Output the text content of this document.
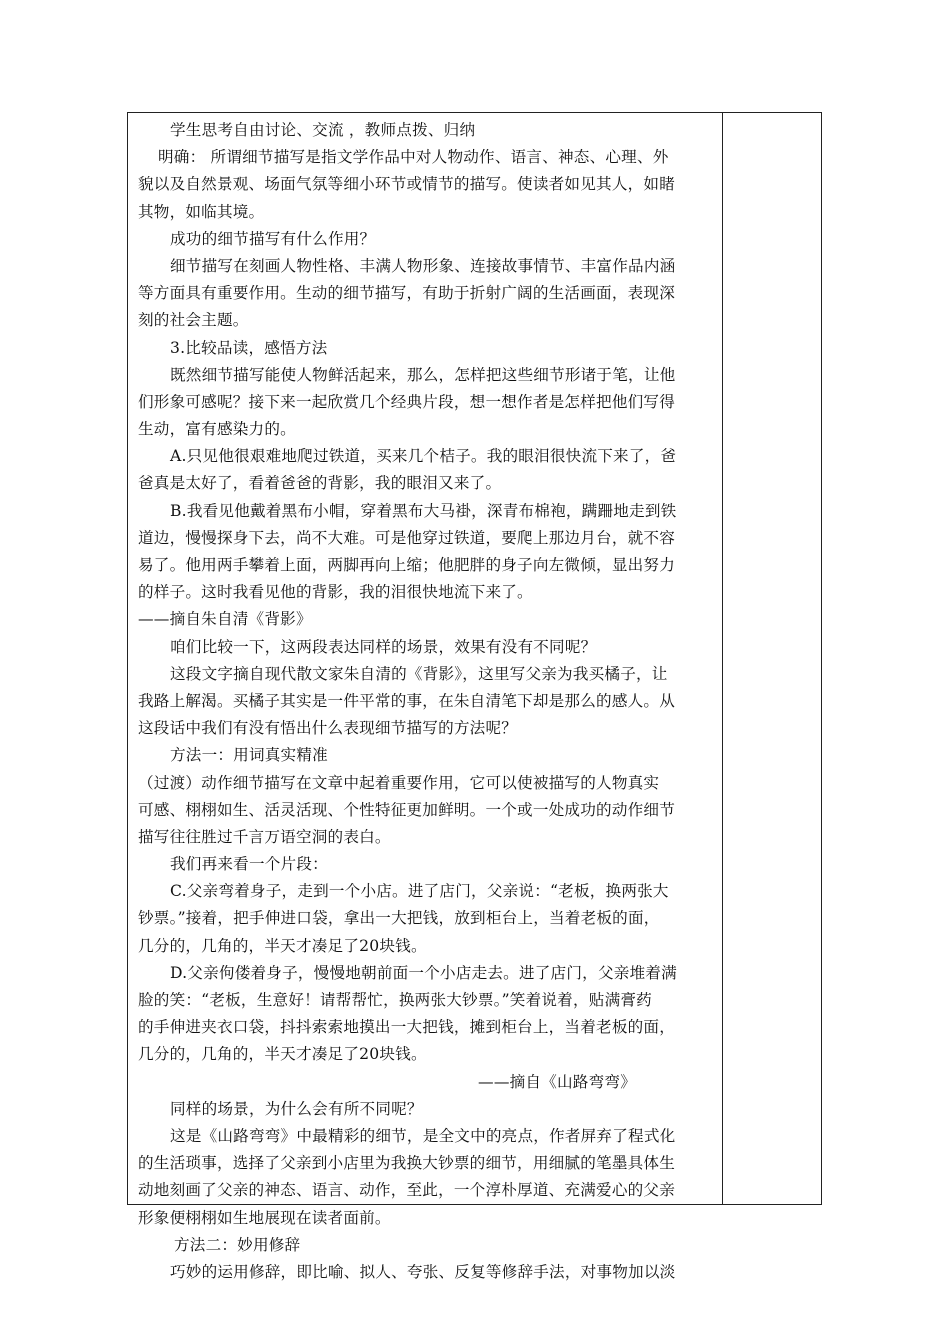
学生思考自由讨论、交流 ，教师点拨、归纳
明确： 所谓细节描写是指文学作品中对人物动作、语言、神态、心理、外
貌以及自然景观、场面气氛等细小环节或情节的描写。使读者如见其人，如睹
其物，如临其境。
成功的细节描写有什么作用？
细节描写在刻画人物性格、丰满人物形象、连接故事情节、丰富作品内涵
等方面具有重要作用。生动的细节描写，有助于折射广阔的生活画面，表现深
刻的社会主题。
3.比较品读，感悟方法
既然细节描写能使人物鲜活起来，那么，怎样把这些细节形诸于笔，让他
们形象可感呢？接下来一起欣赏几个经典片段，想一想作者是怎样把他们写得
生动，富有感染力的。
A.只见他很艰难地爬过铁道，买来几个桔子。我的眼泪很快流下来了，爸
爸真是太好了，看着爸爸的背影，我的眼泪又来了。
B.我看见他戴着黑布小帽，穿着黑布大马褂，深青布棉袍，蹒跚地走到铁
道边，慢慢探身下去，尚不大难。可是他穿过铁道，要爬上那边月台，就不容
易了。他用两手攀着上面，两脚再向上缩；他肥胖的身子向左微倾，显出努力
的样子。这时我看见他的背影，我的泪很快地流下来了。
——摘自朱自清《背影》
咱们比较一下，这两段表达同样的场景，效果有没有不同呢？
这段文字摘自现代散文家朱自清的《背影》，这里写父亲为我买橘子，让
我路上解渴。买橘子其实是一件平常的事，在朱自清笔下却是那么的感人。从
这段话中我们有没有悟出什么表现细节描写的方法呢？
方法一：用词真实精准
（过渡）动作细节描写在文章中起着重要作用，它可以使被描写的人物真实
可感、栩栩如生、活灵活现、个性特征更加鲜明。一个或一处成功的动作细节
描写往往胜过千言万语空洞的表白。
我们再来看一个片段：
C.父亲弯着身子，走到一个小店。进了店门，父亲说：“老板，换两张大
钞票。”接着，把手伸进口袋，拿出一大把钱，放到柜台上，当着老板的面，
几分的，几角的，半天才凑足了20块钱。
D.父亲佝偻着身子，慢慢地朝前面一个小店走去。进了店门，父亲堆着满
脸的笑：“老板，生意好！请帮帮忙，换两张大钞票。”笑着说着，贴满膏药
的手伸进夹衣口袋，抖抖索索地摸出一大把钱，摊到柜台上，当着老板的面，
几分的，几角的，半天才凑足了20块钱。
——摘自《山路弯弯》
同样的场景，为什么会有所不同呢？
这是《山路弯弯》中最精彩的细节，是全文中的亮点，作者屏弃了程式化
的生活琐事，选择了父亲到小店里为我换大钞票的细节，用细腻的笔墨具体生
动地刻画了父亲的神态、语言、动作，至此，一个淳朴厚道、充满爱心的父亲
形象便栩栩如生地展现在读者面前。
方法二：妙用修辞
巧妙的运用修辞，即比喻、拟人、夸张、反复等修辞手法，对事物加以淡
